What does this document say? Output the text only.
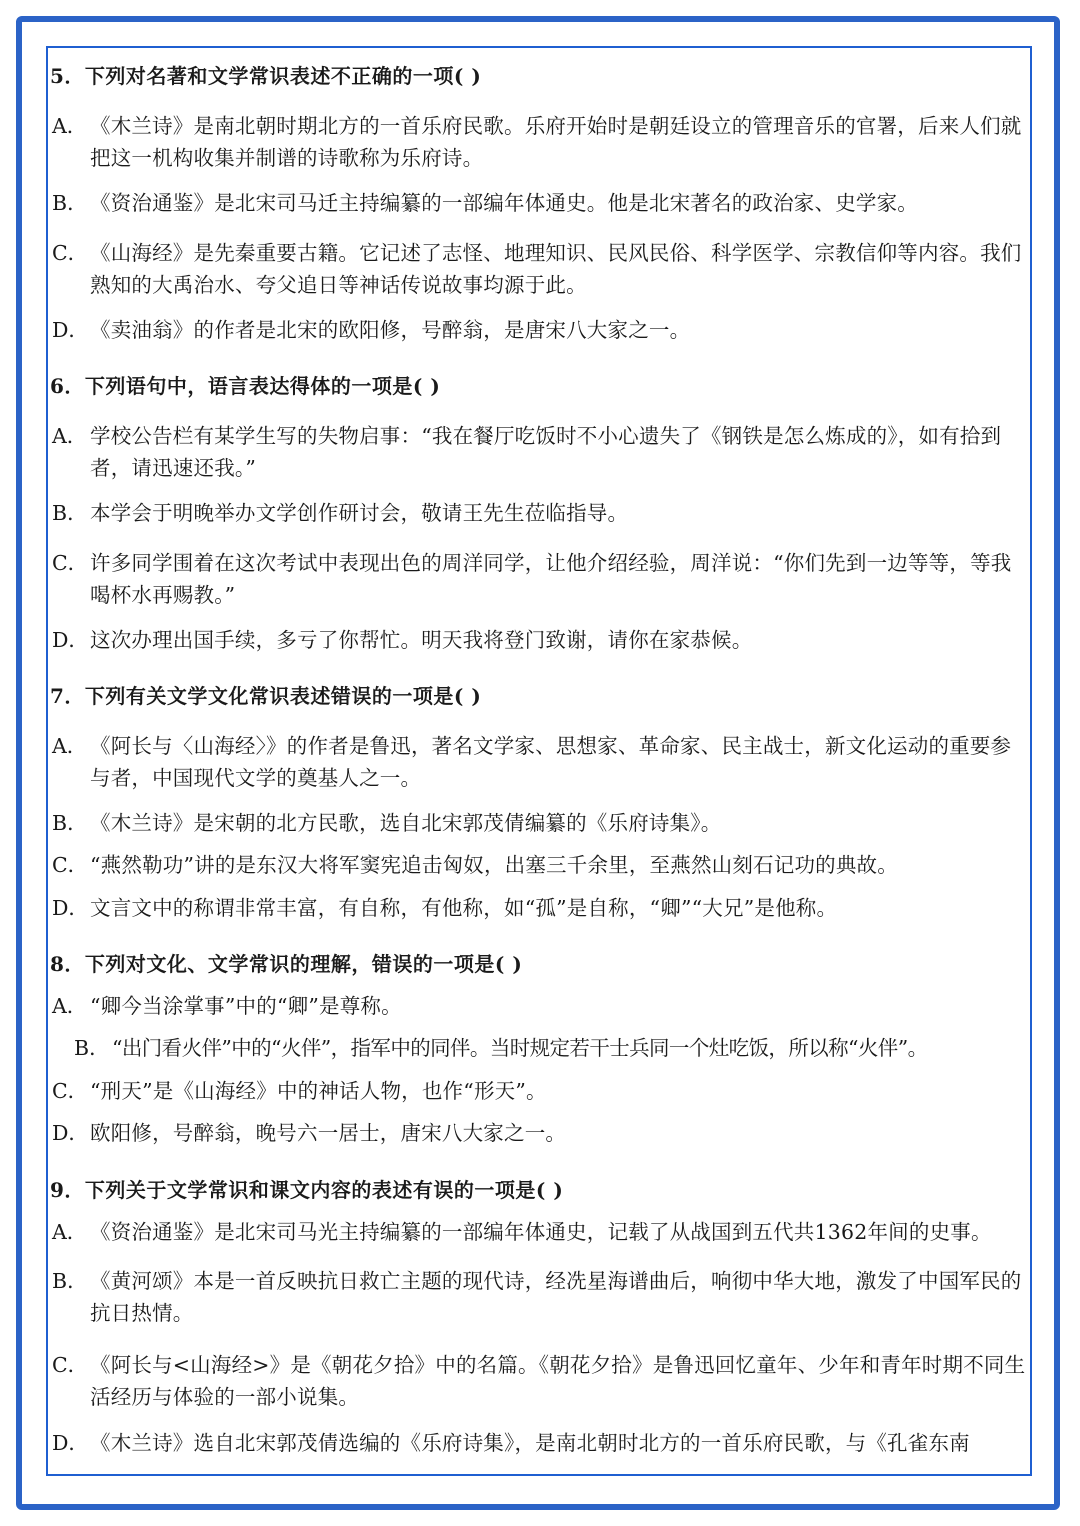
5．下列对名著和文学常识表述不正确的一项( )
A． 《木兰诗》是南北朝时期北方的一首乐府民歌。乐府开始时是朝廷设立的管理音乐的官署，后来人们就把这一机构收集并制谱的诗歌称为乐府诗。
B． 《资治通鉴》是北宋司马迁主持编纂的一部编年体通史。他是北宋著名的政治家、史学家。
C． 《山海经》是先秦重要古籍。它记述了志怪、地理知识、民风民俗、科学医学、宗教信仰等内容。我们熟知的大禹治水、夸父追日等神话传说故事均源于此。
D． 《卖油翁》的作者是北宋的欧阳修，号醉翁，是唐宋八大家之一。
6．下列语句中，语言表达得体的一项是( )
A． 学校公告栏有某学生写的失物启事：“我在餐厅吃饭时不小心遗失了《钢铁是怎么炼成的》，如有拾到者，请迅速还我。”
B． 本学会于明晚举办文学创作研讨会，敬请王先生莅临指导。
C． 许多同学围着在这次考试中表现出色的周洋同学，让他介绍经验，周洋说：“你们先到一边等等，等我喝杯水再赐教。”
D． 这次办理出国手续，多亏了你帮忙。明天我将登门致谢，请你在家恭候。
7．下列有关文学文化常识表述错误的一项是( )
A． 《阿长与〈山海经〉》的作者是鲁迅，著名文学家、思想家、革命家、民主战士，新文化运动的重要参与者，中国现代文学的奠基人之一。
B． 《木兰诗》是宋朝的北方民歌，选自北宋郭茂倩编纂的《乐府诗集》。
C． “燕然勒功”讲的是东汉大将军窦宪追击匈奴，出塞三千余里，至燕然山刻石记功的典故。
D． 文言文中的称谓非常丰富，有自称，有他称，如“孤”是自称，“卿”“大兄”是他称。
8．下列对文化、文学常识的理解，错误的一项是( )
A． “卿今当涂掌事”中的“卿”是尊称。
B． “出门看火伴”中的“火伴”，指军中的同伴。当时规定若干士兵同一个灶吃饭，所以称“火伴”。
C． “刑天”是《山海经》中的神话人物，也作“形天”。
D． 欧阳修，号醉翁，晚号六一居士，唐宋八大家之一。
9．下列关于文学常识和课文内容的表述有误的一项是( )
A． 《资治通鉴》是北宋司马光主持编纂的一部编年体通史，记载了从战国到五代共1362年间的史事。
B． 《黄河颂》本是一首反映抗日救亡主题的现代诗，经冼星海谱曲后，响彻中华大地，激发了中国军民的抗日热情。
C． 《阿长与<山海经>》是《朝花夕拾》中的名篇。《朝花夕拾》是鲁迅回忆童年、少年和青年时期不同生活经历与体验的一部小说集。
D． 《木兰诗》选自北宋郭茂倩选编的《乐府诗集》，是南北朝时北方的一首乐府民歌，与《孔雀东南
